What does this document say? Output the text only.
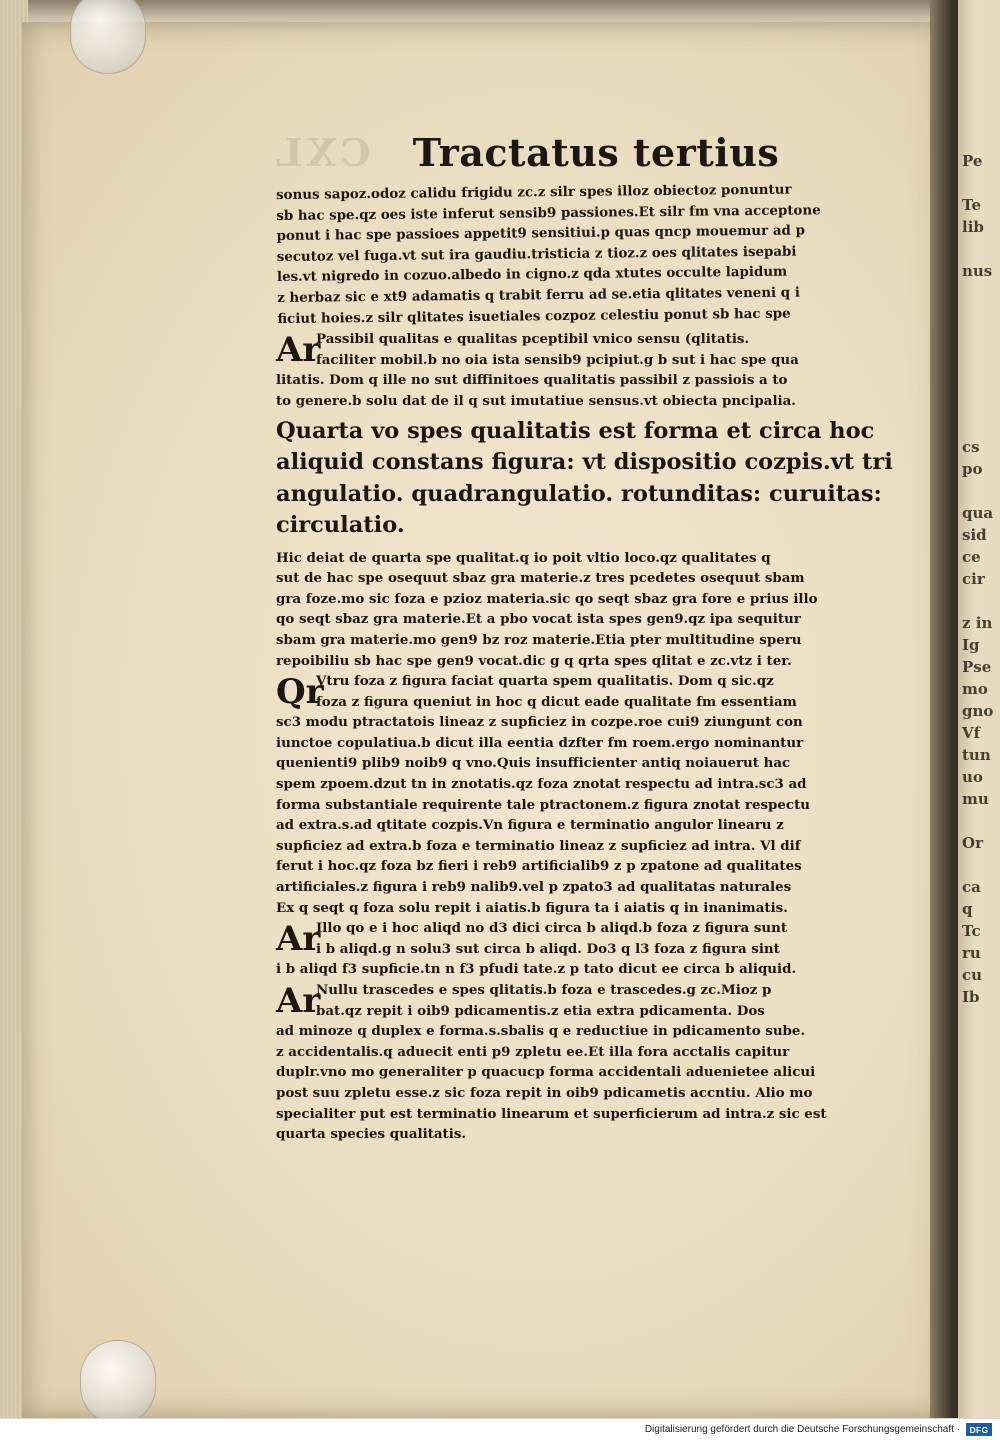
CXL	Tractatus tertius
sonus sapoz.odoz calidu frigidu zc.z silr spes illoz obiectoz ponuntur
sb hac spe.qz oes iste inferut sensib9 passiones.Et silr fm vna acceptone
ponut i hac spe passioes appetit9 sensitiui.p quas qncp mouemur ad p
secutoz vel fuga.vt sut ira gaudiu.tristicia z tioz.z oes qlitates isepabi
les.vt nigredo in cozuo.albedo in cigno.z qda xtutes occulte lapidum
z herbaz sic e xt9 adamatis q trabit ferru ad se.etia qlitates veneni q i
ficiut hoies.z silr qlitates isuetiales cozpoz celestiu ponut sb hac spe
Ar
Passibil qualitas e qualitas pceptibil vnico sensu (qlitatis.
faciliter mobil.b no oia ista sensib9 pcipiut.g b sut i hac spe qua
litatis. Dom q ille no sut diffinitoes qualitatis passibil z passiois a to
to genere.b solu dat de il q sut imutatiue sensus.vt obiecta pncipalia.
Quarta vo spes qualitatis est forma et circa hoc
aliquid constans figura: vt dispositio cozpis.vt tri
angulatio. quadrangulatio. rotunditas: curuitas:
circulatio.
Hic deiat de quarta spe qualitat.q io poit vltio loco.qz qualitates q
sut de hac spe osequut sbaz gra materie.z tres pcedetes osequut sbam
gra foze.mo sic foza e pzioz materia.sic qo seqt sbaz gra fore e prius illo
qo seqt sbaz gra materie.Et a pbo vocat ista spes gen9.qz ipa sequitur
sbam gra materie.mo gen9 bz roz materie.Etia pter multitudine speru
repoibiliu sb hac spe gen9 vocat.dic g q qrta spes qlitat e zc.vtz i ter.
Qr
Vtru foza z figura faciat quarta spem qualitatis. Dom q sic.qz
foza z figura queniut in hoc q dicut eade qualitate fm essentiam
sc3 modu ptractatois lineaz z supficiez in cozpe.roe cui9 ziungunt con
iunctoe copulatiua.b dicut illa eentia dzfter fm roem.ergo nominantur
quenienti9 plib9 noib9 q vno.Quis insufficienter antiq noiauerut hac
spem zpoem.dzut tn in znotatis.qz foza znotat respectu ad intra.sc3 ad
forma substantiale requirente tale ptractonem.z figura znotat respectu
ad extra.s.ad qtitate cozpis.Vn figura e terminatio angulor linearu z
supficiez ad extra.b foza e terminatio lineaz z supficiez ad intra. Vl dif
ferut i hoc.qz foza bz fieri i reb9 artificialib9 z p zpatone ad qualitates
artificiales.z figura i reb9 nalib9.vel p zpato3 ad qualitatas naturales
Ex q seqt q foza solu repit i aiatis.b figura ta i aiatis q in inanimatis.
Ar
Illo qo e i hoc aliqd no d3 dici circa b aliqd.b foza z figura sunt
i b aliqd.g n solu3 sut circa b aliqd. Do3 q l3 foza z figura sint
i b aliqd f3 supficie.tn n f3 pfudi tate.z p tato dicut ee circa b aliquid.
Ar
Nullu trascedes e spes qlitatis.b foza e trascedes.g zc.Mioz p
bat.qz repit i oib9 pdicamentis.z etia extra pdicamenta. Dos
ad minoze q duplex e forma.s.sbalis q e reductiue in pdicamento sube.
z accidentalis.q aduecit enti p9 zpletu ee.Et illa fora acctalis capitur
duplr.vno mo generaliter p quacucp forma accidentali aduenietee alicui
post suu zpletu esse.z sic foza repit in oib9 pdicametis accntiu. Alio mo
specialiter put est terminatio linearum et superficierum ad intra.z sic est
quarta species qualitatis.
Pe

Te
lib

nus

cs
po

qua
sid
ce
cir

z in
Ig
Pse
mo
gno
Vf
tun
uo
mu

Or

ca
q
Tc
ru
cu
Ib
Digitalisierung gefördert durch die Deutsche Forschungsgemeinschaft ·	DFG
